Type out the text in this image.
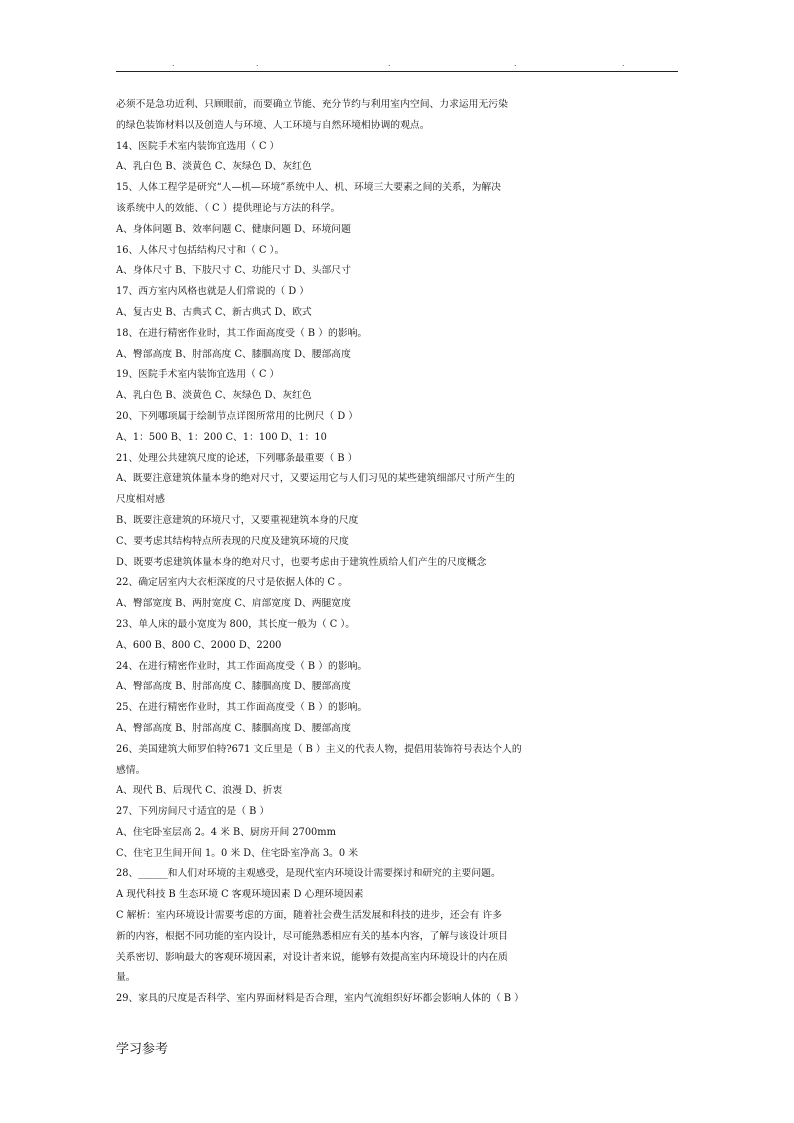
.	.	.	.	.
必须不是急功近利、只顾眼前，而要确立节能、充分节约与利用室内空间、力求运用无污染
的绿色装饰材料以及创造人与环境、人工环境与自然环境相协调的观点。
14、医院手术室内装饰宜选用（ C ）
A、乳白色 B、淡黄色 C、灰绿色 D、灰红色
15、人体工程学是研究“人—机—环境”系统中人、机、环境三大要素之间的关系，为解决
该系统中人的效能、（ C ）提供理论与方法的科学。
A、身体问题 B、效率问题 C、健康问题 D、环境问题
16、人体尺寸包括结构尺寸和（ C ）。
A、身体尺寸 B、下肢尺寸 C、功能尺寸 D、头部尺寸
17、西方室内风格也就是人们常说的（ D ）
A、复古史 B、古典式 C、新古典式 D、欧式
18、在进行精密作业时，其工作面高度受（ B ）的影响。
A、臀部高度 B、肘部高度 C、膝腘高度 D、腰部高度
19、医院手术室内装饰宜选用（ C ）
A、乳白色 B、淡黄色 C、灰绿色 D、灰红色
20、下列哪项属于绘制节点详图所常用的比例尺（ D ）
A、1：500 B、1：200 C、1：100 D、1：10
21、处理公共建筑尺度的论述，下列哪条最重要（ B ）
A、既要注意建筑体量本身的绝对尺寸，又要运用它与人们习见的某些建筑细部尺寸所产生的
尺度相对感
B、既要注意建筑的环境尺寸，又要重视建筑本身的尺度
C、要考虑其结构特点所表现的尺度及建筑环境的尺度
D、既要考虑建筑体量本身的绝对尺寸，也要考虑由于建筑性质给人们产生的尺度概念
22、确定居室内大衣柜深度的尺寸是依据人体的 C 。
A、臀部宽度 B、两肘宽度 C、肩部宽度 D、两腿宽度
23、单人床的最小宽度为 800，其长度一般为（ C ）。
A、600 B、800 C、2000 D、2200
24、在进行精密作业时，其工作面高度受（ B ）的影响。
A、臀部高度 B、肘部高度 C、膝腘高度 D、腰部高度
25、在进行精密作业时，其工作面高度受（ B ）的影响。
A、臀部高度 B、肘部高度 C、膝腘高度 D、腰部高度
26、美国建筑大师罗伯特?671 文丘里是（ B ）主义的代表人物，提倡用装饰符号表达个人的
感情。
A、现代 B、后现代 C、浪漫 D、折衷
27、下列房间尺寸适宜的是（ B ）
A、住宅卧室层高 2。4 米 B、厨房开间 2700mm
C、住宅卫生间开间 1。0 米 D、住宅卧室净高 3。0 米
28、______和人们对环境的主观感受，是现代室内环境设计需要探讨和研究的主要问题。
A 现代科技 B 生态环境 C 客观环境因素 D 心理环境因素
C 解析：室内环境设计需要考虑的方面，随着社会费生活发展和科技的进步，还会有 许多
新的内容，根据不同功能的室内设计，尽可能熟悉相应有关的基本内容，了解与该设计项目
关系密切、影响最大的客观环境因素，对设计者来说，能够有效提高室内环境设计的内在质
量。
29、家具的尺度是否科学、室内界面材料是否合理，室内气流组织好坏都会影响人体的（ B ）
学习参考
